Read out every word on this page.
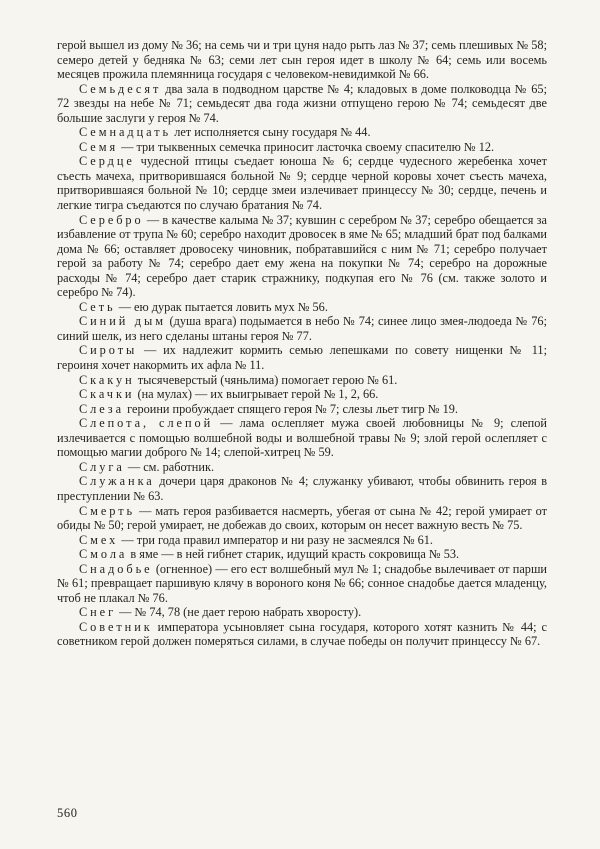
герой вышел из дому № 36; на семь чи и три цуня надо рыть лаз № 37; семь плешивых № 58; семеро детей у бедняка № 63; семи лет сын героя идет в школу № 64; семь или восемь месяцев прожила племянница государя с человеком-невидимкой № 66.

Семьдесят два зала в подводном царстве № 4; кладовых в доме полководца № 65; 72 звезды на небе № 71; семьдесят два года жизни отпущено герою № 74; семьдесят две большие заслуги у героя № 74.

Семнадцать лет исполняется сыну государя № 44.

Семя — три тыквенных семечка приносит ласточка своему спасителю № 12.

Сердце чудесной птицы съедает юноша № 6; сердце чудесного жеребенка хочет съесть мачеха, притворившаяся больной № 9; сердце черной коровы хочет съесть мачеха, притворившаяся больной № 10; сердце змеи излечивает принцессу № 30; сердце, печень и легкие тигра съедаются по случаю братания № 74.

Серебро — в качестве калыма № 37; кувшин с серебром № 37; серебро обещается за избавление от трупа № 60; серебро находит дровосек в яме № 65; младший брат под балками дома № 66; оставляет дровосеку чиновник, побратавшийся с ним № 71; серебро получает герой за работу № 74; серебро дает ему жена на покупки № 74; серебро на дорожные расходы № 74; серебро дает старик стражнику, подкупая его № 76 (см. также золото и серебро № 74).

Сеть — ею дурак пытается ловить мух № 56.

Синий дым (душа врага) подымается в небо № 74; синее лицо змея-людоеда № 76; синий шелк, из него сделаны штаны героя № 77.

Сироты — их надлежит кормить семью лепешками по совету нищенки № 11; героиня хочет накормить их афла № 11.

Скакун тысячеверстый (чяньлима) помогает герою № 61.

Скачки (на мулах) — их выигрывает герой № 1, 2, 66.

Слеза героини пробуждает спящего героя № 7; слезы льет тигр № 19.

Слепота, слепой — лама ослепляет мужа своей любовницы № 9; слепой излечивается с помощью волшебной воды и волшебной травы № 9; злой герой ослепляет с помощью магии доброго № 14; слепой-хитрец № 59.

Слуга — см. работник.

Служанка дочери царя драконов № 4; служанку убивают, чтобы обвинить героя в преступлении № 63.

Смерть — мать героя разбивается насмерть, убегая от сына № 42; герой умирает от обиды № 50; герой умирает, не добежав до своих, которым он несет важную весть № 75.

Смех — три года правил император и ни разу не засмеялся № 61.

Смола в яме — в ней гибнет старик, идущий красть сокровища № 53.

Снадобье (огненное) — его ест волшебный мул № 1; снадобье вылечивает от парши № 61; превращает паршивую клячу в вороного коня № 66; сонное снадобье дается младенцу, чтоб не плакал № 76.

Снег — № 74, 78 (не дает герою набрать хворосту).

Советник императора усыновляет сына государя, которого хотят казнить № 44; с советником герой должен померяться силами, в случае победы он получит принцессу № 67.

560
